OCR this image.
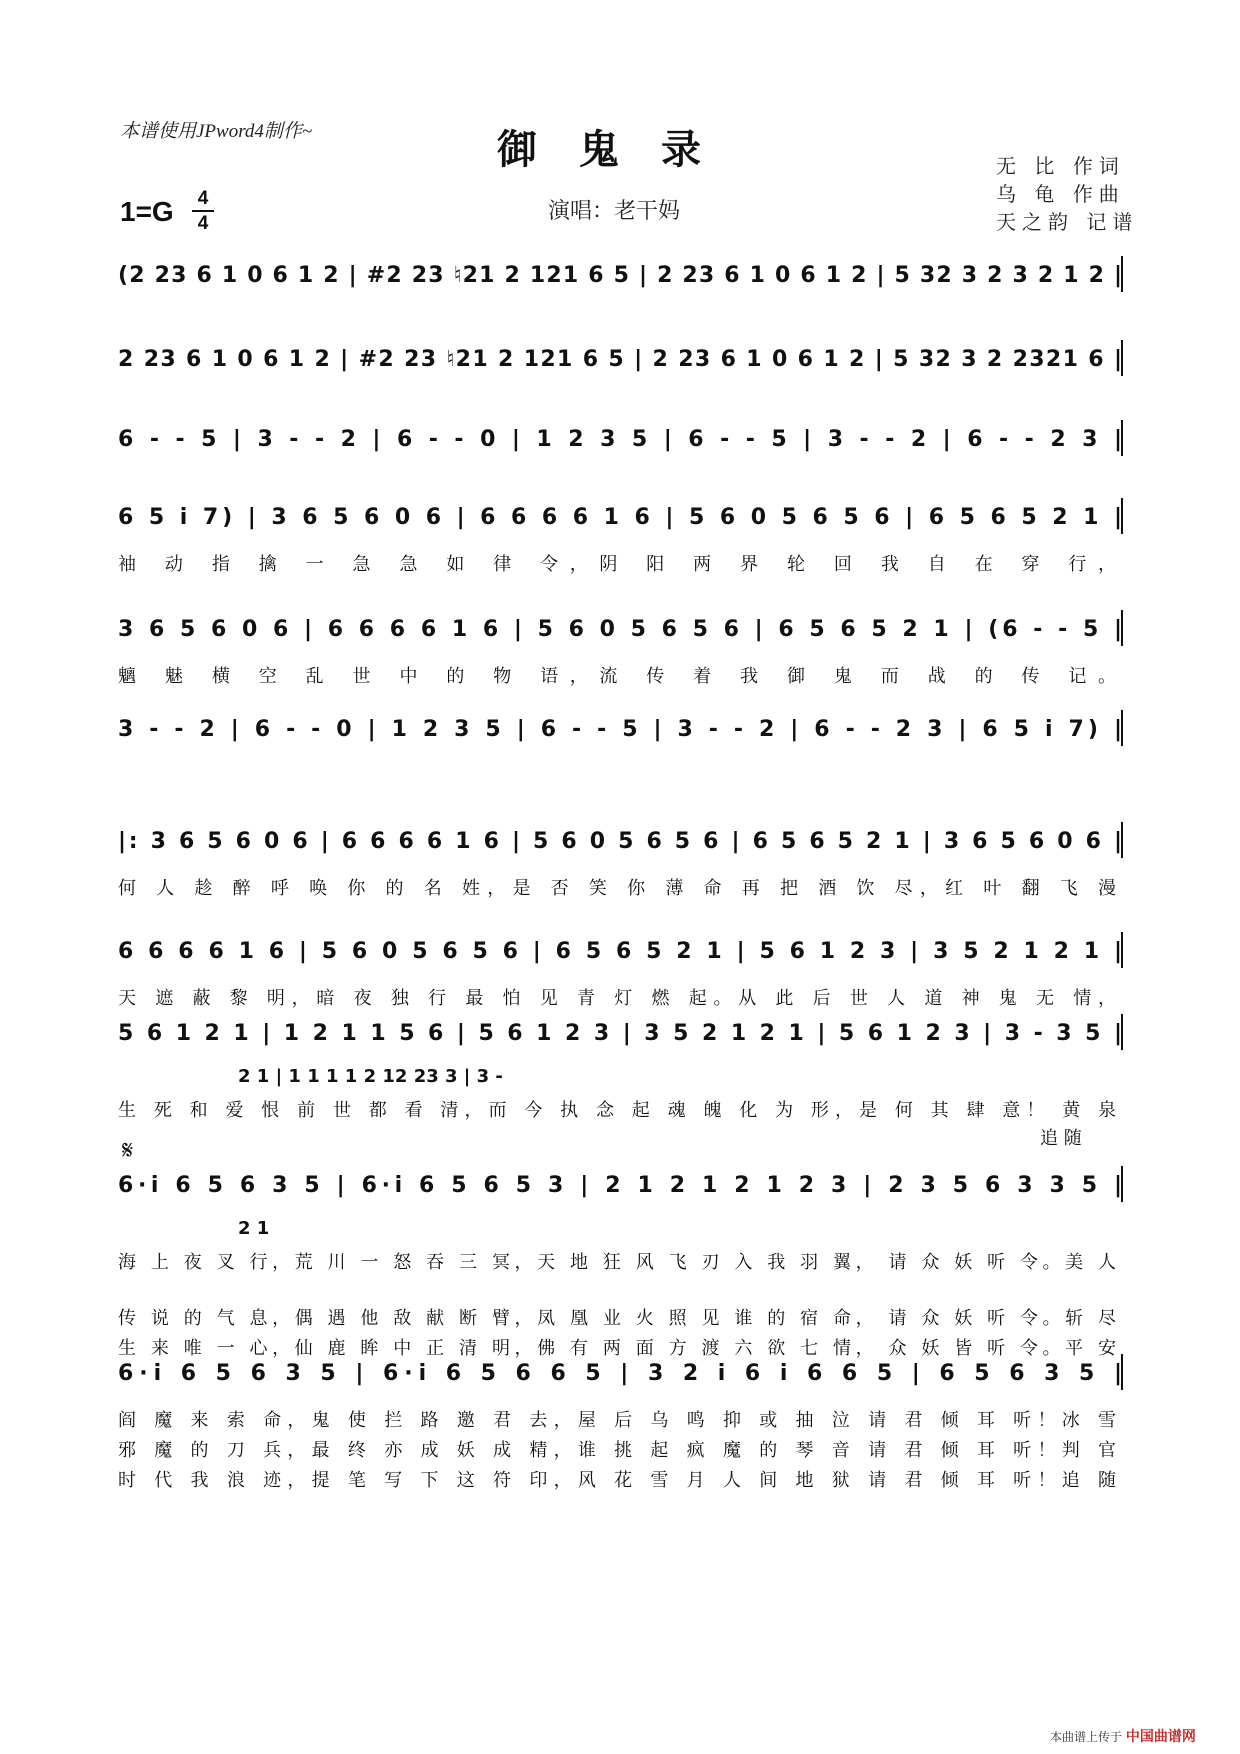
本谱使用JPword4制作~	御鬼录
1=G	4
4	演唱：老干妈
无 比 作词
乌 龟 作曲
天之韵 记谱
𝄋
(2 23 6 1 0 6 1 2 | #2 23 ♮21 2 121 6 5 | 2 23 6 1 0 6 1 2 | 5 32 3 2 3 2 1 2 |
2 23 6 1 0 6 1 2 | #2 23 ♮21 2 121 6 5 | 2 23 6 1 0 6 1 2 | 5 32 3 2 2321 6 |
6 - - 5 | 3 - - 2 | 6 - - 0 | 1 2 3 5 | 6 - - 5 | 3 - - 2 | 6 - - 2 3 |
6 5 i 7) | 3 6 5 6 0 6 | 6 6 6 6 1 6 | 5 6 0 5 6 5 6 | 6 5 6 5 2 1 |
袖 动 指 擒 一 急 急 如 律 令，阴 阳 两 界 轮 回 我 自 在 穿 行，
3 6 5 6 0 6 | 6 6 6 6 1 6 | 5 6 0 5 6 5 6 | 6 5 6 5 2 1 | (6 - - 5 |
魑 魅 横 空 乱 世 中 的 物 语，流 传 着 我 御 鬼 而 战 的 传 记。
3 - - 2 | 6 - - 0 | 1 2 3 5 | 6 - - 5 | 3 - - 2 | 6 - - 2 3 | 6 5 i 7) |
|: 3 6 5 6 0 6 | 6 6 6 6 1 6 | 5 6 0 5 6 5 6 | 6 5 6 5 2 1 | 3 6 5 6 0 6 |
何 人 趁 醉 呼 唤 你 的 名 姓，是 否 笑 你 薄 命 再 把 酒 饮 尽，红 叶 翻 飞 漫
6 6 6 6 1 6 | 5 6 0 5 6 5 6 | 6 5 6 5 2 1 | 5 6 1 2 3 | 3 5 2 1 2 1 |
天 遮 蔽 黎 明，暗 夜 独 行 最 怕 见 青 灯 燃 起。从 此 后 世 人 道 神 鬼 无 情，
5 6 1 2 1 | 1 2 1 1 5 6 | 5 6 1 2 3 | 3 5 2 1 2 1 | 5 6 1 2 3 | 3 - 3 5 |
2 1 | 1 1 1 1 2 12 23 3 | 3 -
生 死 和 爱 恨 前 世 都 看 清，而 今 执 念 起 魂 魄 化 为 形，是 何 其 肆 意！ 黄 泉
追 随
6·i 6 5 6 3 5 | 6·i 6 5 6 5 3 | 2 1 2 1 2 1 2 3 | 2 3 5 6 3 3 5 |
2 1
海 上 夜 叉 行，荒 川 一 怒 吞 三 冥，天 地 狂 风 飞 刃 入 我 羽 翼， 请 众 妖 听 令。美 人
传 说 的 气 息，偶 遇 他 敌 献 断 臂，凤 凰 业 火 照 见 谁 的 宿 命， 请 众 妖 听 令。斩 尽
生 来 唯 一 心，仙 鹿 眸 中 正 清 明，佛 有 两 面 方 渡 六 欲 七 情， 众 妖 皆 听 令。平 安
6·i 6 5 6 3 5 | 6·i 6 5 6 6 5 | 3 2 i 6 i 6 6 5 | 6 5 6 3 5 |
阎 魔 来 索 命，鬼 使 拦 路 邀 君 去，屋 后 乌 鸣 抑 或 抽 泣 请 君 倾 耳 听！冰 雪
邪 魔 的 刀 兵，最 终 亦 成 妖 成 精，谁 挑 起 疯 魔 的 琴 音 请 君 倾 耳 听！判 官
时 代 我 浪 迹，提 笔 写 下 这 符 印，风 花 雪 月 人 间 地 狱 请 君 倾 耳 听！追 随
本曲谱上传于 中国曲谱网
